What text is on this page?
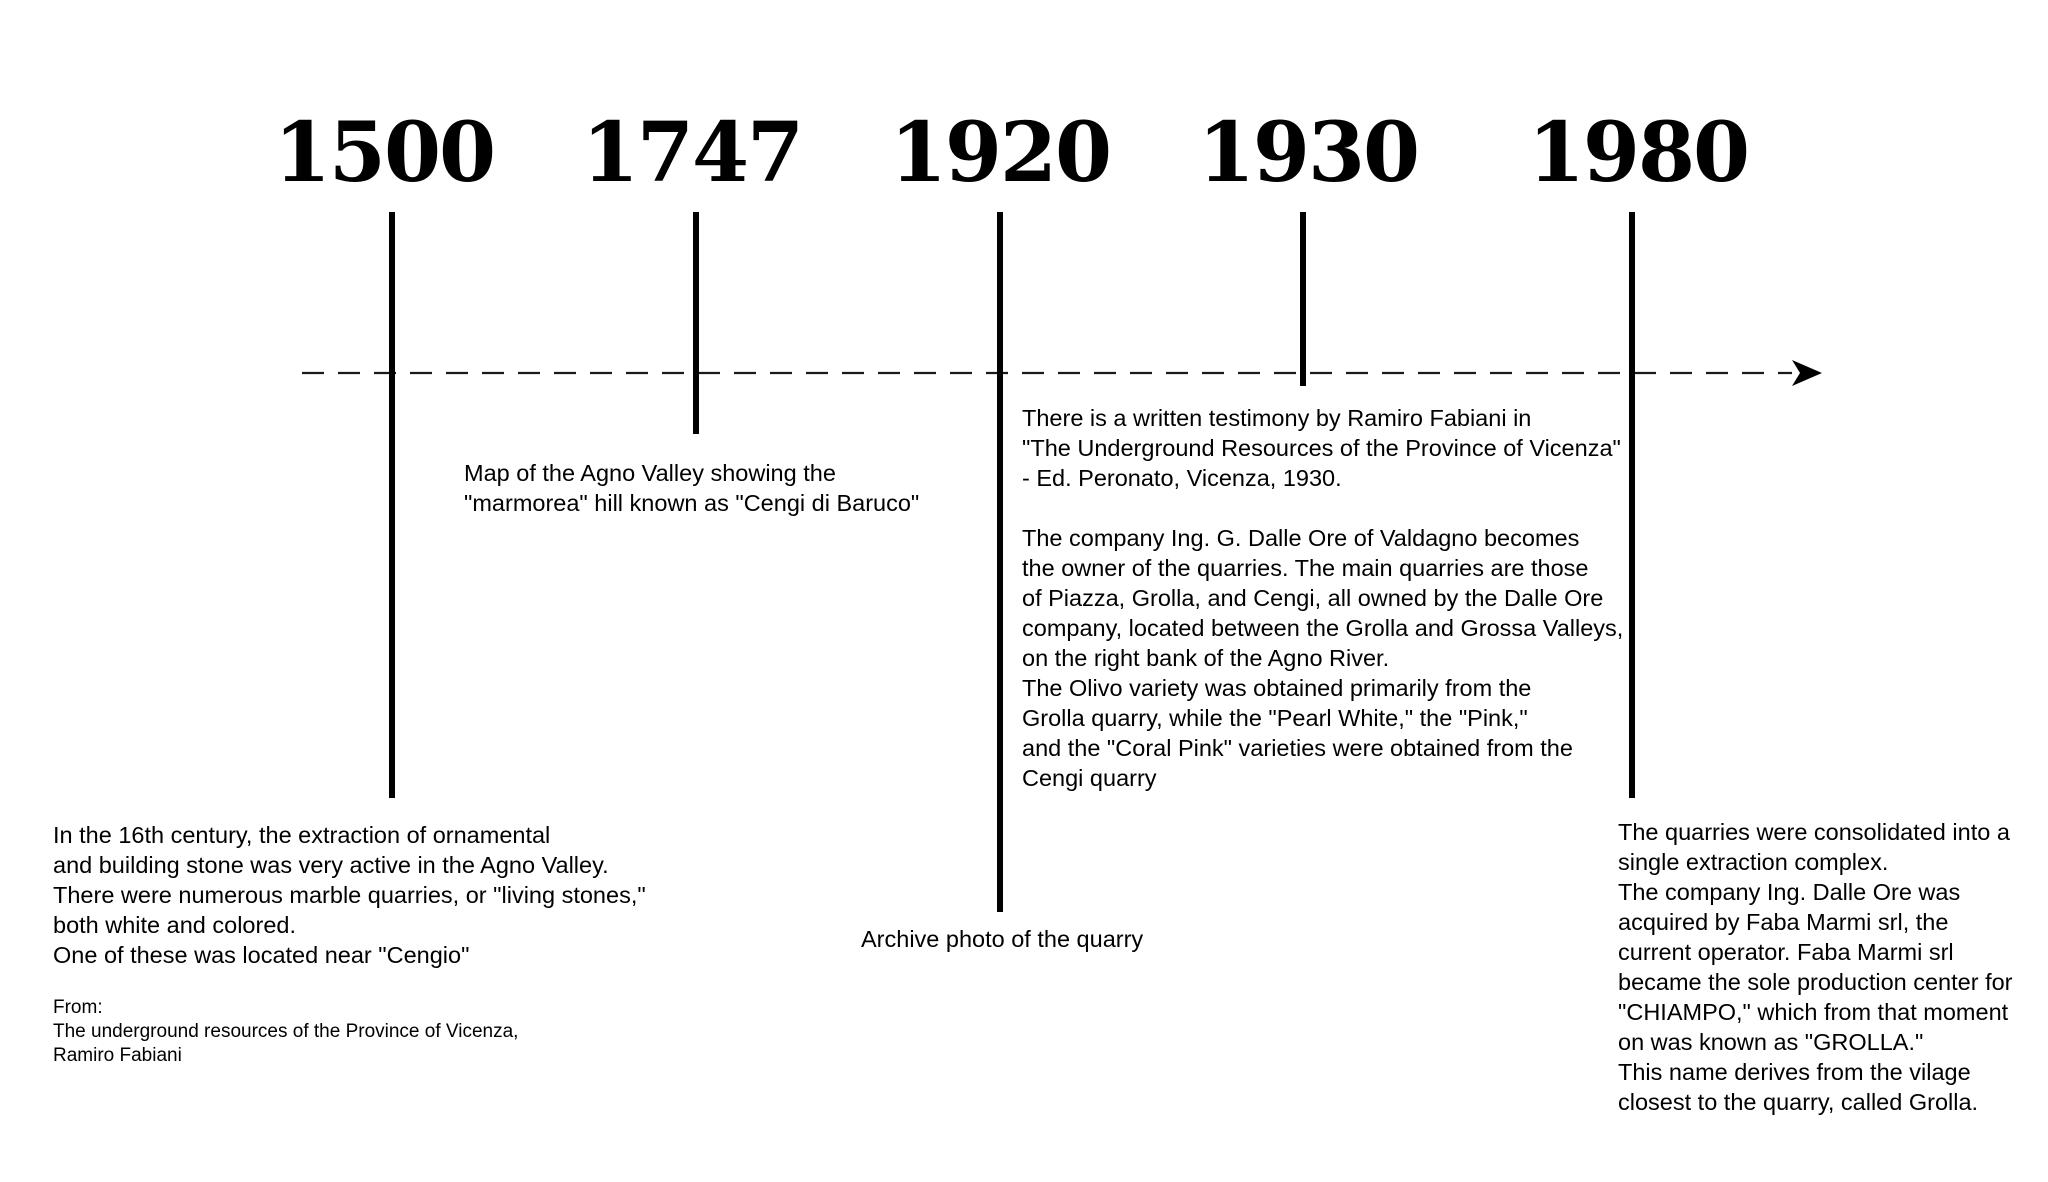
1500 1747 1920 1930 1980
In the 16th century, the extraction of ornamental
and building stone was very active in the Agno Valley.
There were numerous marble quarries, or "living stones,"
both white and colored.
One of these was located near "Cengio"
From:
The underground resources of the Province of Vicenza,
Ramiro Fabiani
Map of the Agno Valley showing the
"marmorea" hill known as "Cengi di Baruco"
Archive photo of the quarry
There is a written testimony by Ramiro Fabiani in
"The Underground Resources of the Province of Vicenza"
- Ed. Peronato, Vicenza, 1930.
The company Ing. G. Dalle Ore of Valdagno becomes
the owner of the quarries. The main quarries are those
of Piazza, Grolla, and Cengi, all owned by the Dalle Ore
company, located between the Grolla and Grossa Valleys,
on the right bank of the Agno River.
The Olivo variety was obtained primarily from the
Grolla quarry, while the "Pearl White," the "Pink,"
and the "Coral Pink" varieties were obtained from the
Cengi quarry
The quarries were consolidated into a
single extraction complex.
The company Ing. Dalle Ore was
acquired by Faba Marmi srl, the
current operator. Faba Marmi srl
became the sole production center for
"CHIAMPO," which from that moment
on was known as "GROLLA."
This name derives from the vilage
closest to the quarry, called Grolla.
